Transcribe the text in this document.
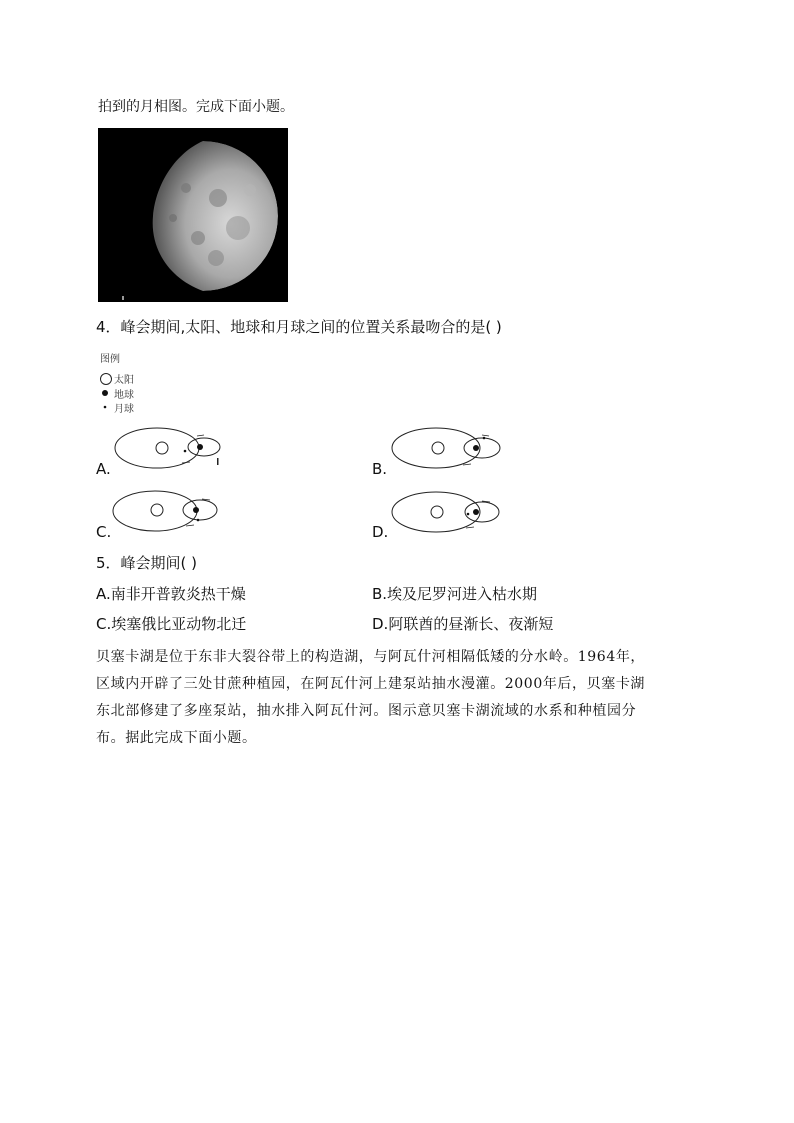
拍到的月相图。完成下面小题。
4．峰会期间,太阳、地球和月球之间的位置关系最吻合的是( )
图例
太阳
地球
月球
A.	B.
C.	D.
5．峰会期间( )
A.南非开普敦炎热干燥	B.埃及尼罗河进入枯水期
C.埃塞俄比亚动物北迁	D.阿联酋的昼渐长、夜渐短
贝塞卡湖是位于东非大裂谷带上的构造湖，与阿瓦什河相隔低矮的分水岭。1964年，
区域内开辟了三处甘蔗种植园，在阿瓦什河上建泵站抽水漫灌。2000年后，贝塞卡湖
东北部修建了多座泵站，抽水排入阿瓦什河。图示意贝塞卡湖流域的水系和种植园分
布。据此完成下面小题。
